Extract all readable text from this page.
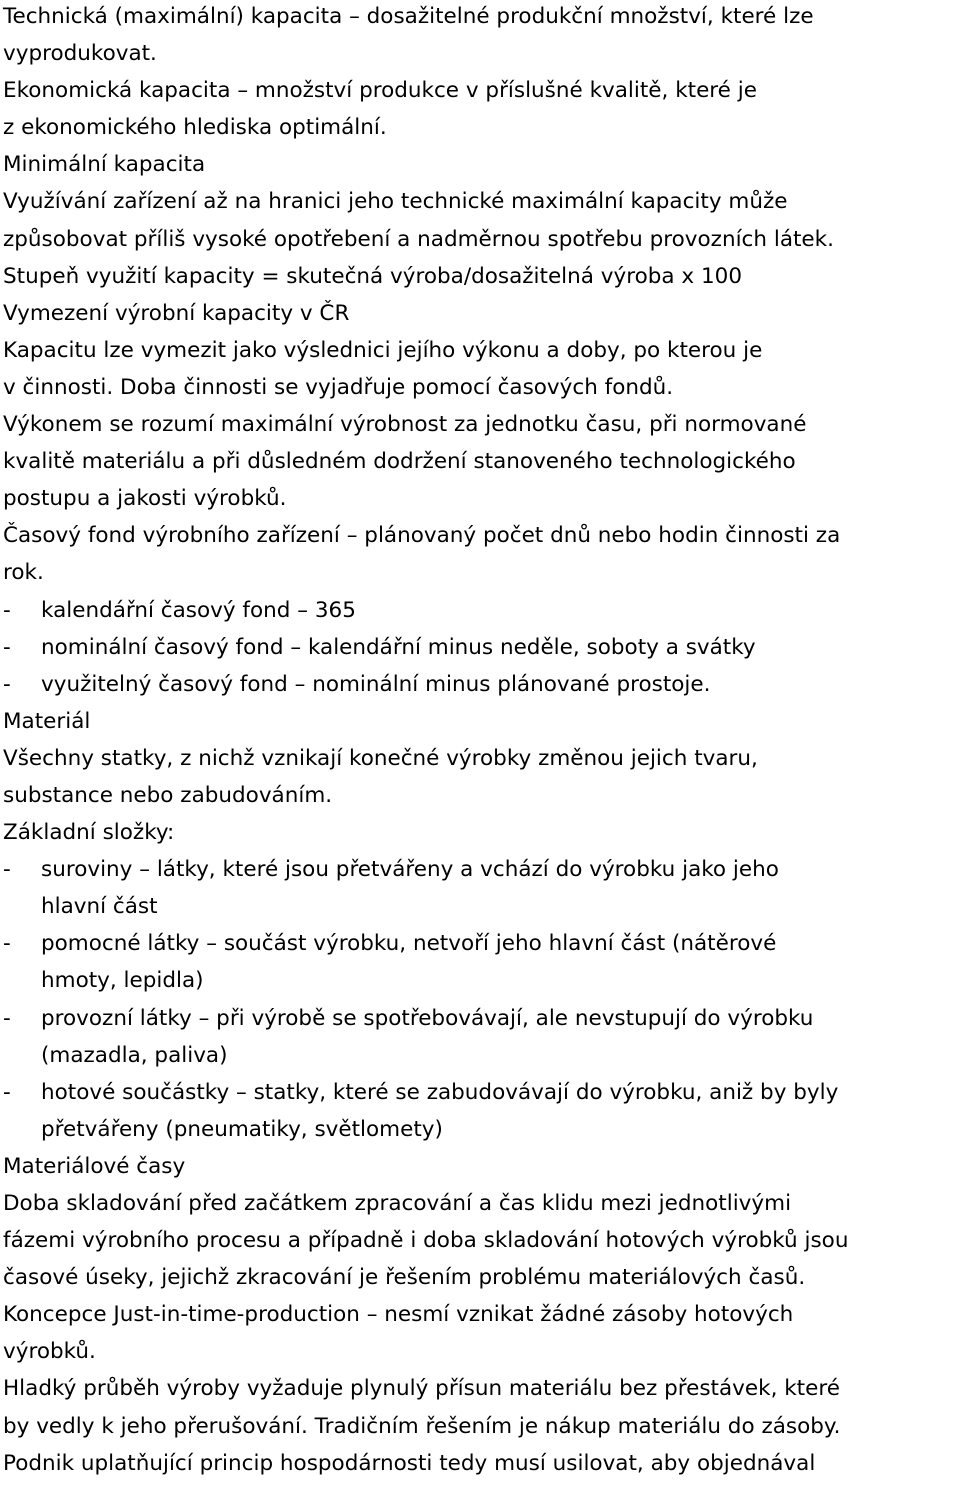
Technická (maximální) kapacita – dosažitelné produkční množství, které lze
vyprodukovat.
Ekonomická kapacita – množství produkce v příslušné kvalitě, které je
z ekonomického hlediska optimální.
Minimální kapacita
Využívání zařízení až na hranici jeho technické maximální kapacity může
způsobovat příliš vysoké opotřebení a nadměrnou spotřebu provozních látek.
Stupeň využití kapacity = skutečná výroba/dosažitelná výroba x 100
Vymezení výrobní kapacity v ČR
Kapacitu lze vymezit jako výslednici jejího výkonu a doby, po kterou je
v činnosti. Doba činnosti se vyjadřuje pomocí časových fondů.
Výkonem se rozumí maximální výrobnost za jednotku času, při normované
kvalitě materiálu a při důsledném dodržení stanoveného technologického
postupu a jakosti výrobků.
Časový fond výrobního zařízení – plánovaný počet dnů nebo hodin činnosti za
rok.
- kalendářní časový fond – 365
- nominální časový fond – kalendářní minus neděle, soboty a svátky
- využitelný časový fond – nominální minus plánované prostoje.
Materiál
Všechny statky, z nichž vznikají konečné výrobky změnou jejich tvaru,
substance nebo zabudováním.
Základní složky:
- suroviny – látky, které jsou přetvářeny a vchází do výrobku jako jeho
hlavní část
- pomocné látky – součást výrobku, netvoří jeho hlavní část (nátěrové
hmoty, lepidla)
- provozní látky – při výrobě se spotřebovávají, ale nevstupují do výrobku
(mazadla, paliva)
- hotové součástky – statky, které se zabudovávají do výrobku, aniž by byly
přetvářeny (pneumatiky, světlomety)
Materiálové časy
Doba skladování před začátkem zpracování a čas klidu mezi jednotlivými
fázemi výrobního procesu a případně i doba skladování hotových výrobků jsou
časové úseky, jejichž zkracování je řešením problému materiálových časů.
Koncepce Just-in-time-production – nesmí vznikat žádné zásoby hotových
výrobků.
Hladký průběh výroby vyžaduje plynulý přísun materiálu bez přestávek, které
by vedly k jeho přerušování. Tradičním řešením je nákup materiálu do zásoby.
Podnik uplatňující princip hospodárnosti tedy musí usilovat, aby objednával
